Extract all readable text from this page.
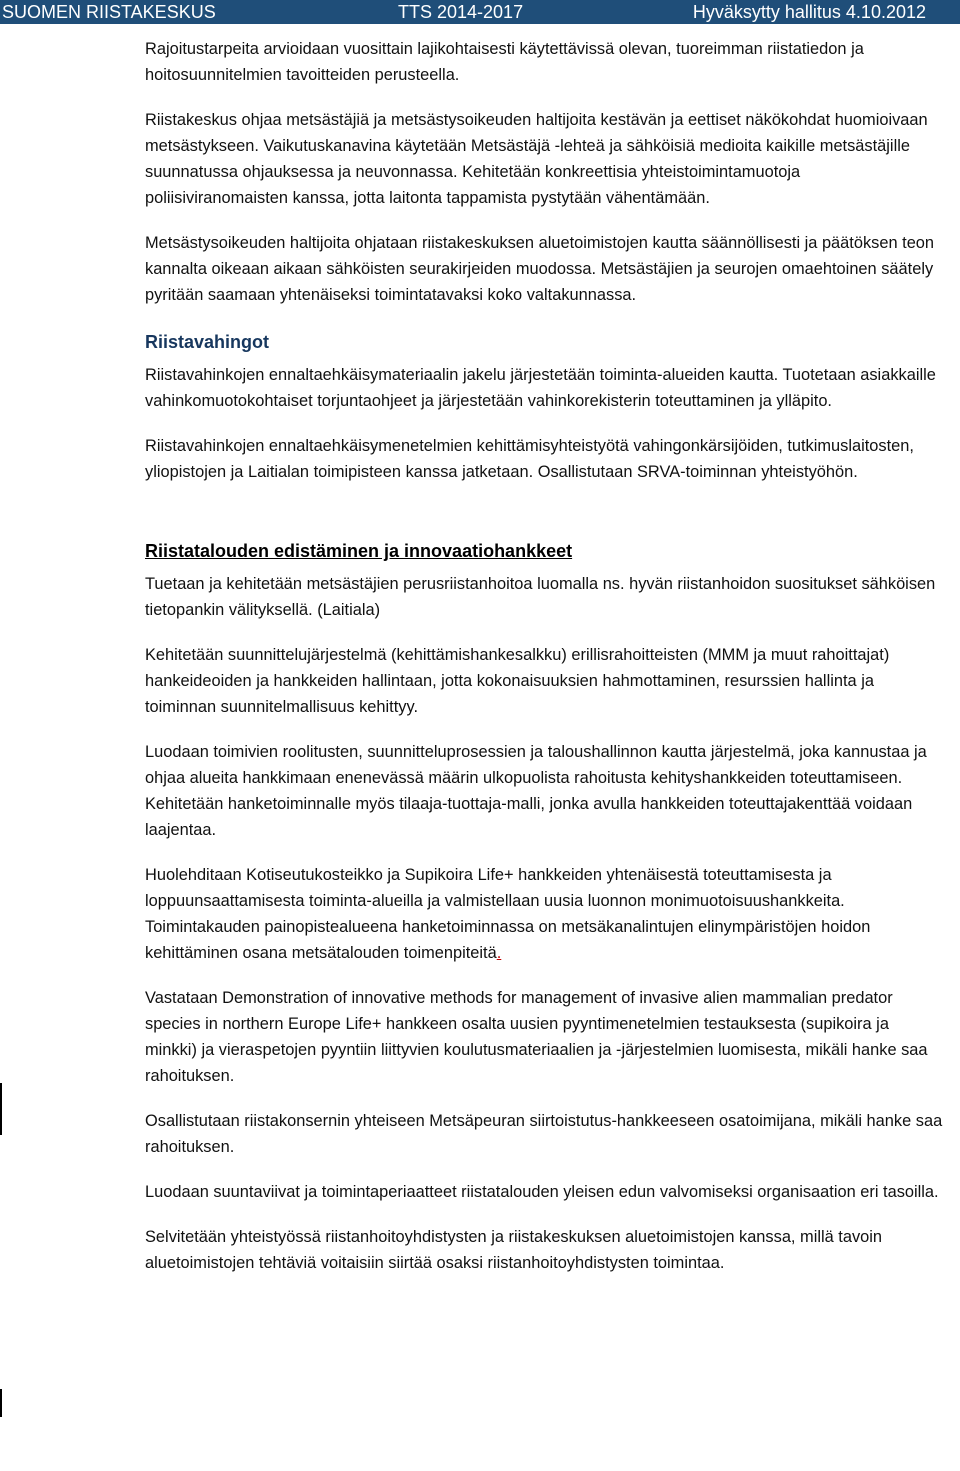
SUOMEN RIISTAKESKUS	TTS 2014-2017	Hyväksytty hallitus 4.10.2012

Rajoitustarpeita arvioidaan vuosittain lajikohtaisesti käytettävissä olevan, tuoreimman riistatiedon ja hoitosuunnitelmien tavoitteiden perusteella.

Riistakeskus ohjaa metsästäjiä ja metsästysoikeuden haltijoita kestävän ja eettiset näkökohdat huomioivaan metsästykseen. Vaikutuskanavina käytetään Metsästäjä -lehteä ja sähköisiä medioita kaikille metsästäjille suunnatussa ohjauksessa ja neuvonnassa. Kehitetään konkreettisia yhteistoimintamuotoja poliisiviranomaisten kanssa, jotta laitonta tappamista pystytään vähentämään.

Metsästysoikeuden haltijoita ohjataan riistakeskuksen aluetoimistojen kautta säännöllisesti ja päätöksen teon kannalta oikeaan aikaan sähköisten seurakirjeiden muodossa. Metsästäjien ja seurojen omaehtoinen säätely pyritään saamaan yhtenäiseksi toimintatavaksi koko valtakunnassa.

Riistavahingot

Riistavahinkojen ennaltaehkäisymateriaalin jakelu järjestetään toiminta-alueiden kautta. Tuotetaan asiakkaille vahinkomuotokohtaiset torjuntaohjeet ja järjestetään vahinkorekisterin toteuttaminen ja ylläpito.

Riistavahinkojen ennaltaehkäisymenetelmien kehittämisyhteistyötä vahingonkärsijöiden, tutkimuslaitosten, yliopistojen ja Laitialan toimipisteen kanssa jatketaan. Osallistutaan SRVA-toiminnan yhteistyöhön.

Riistatalouden edistäminen ja innovaatiohankkeet

Tuetaan ja kehitetään metsästäjien perusriistanhoitoa luomalla ns. hyvän riistanhoidon suositukset sähköisen tietopankin välityksellä. (Laitiala)

Kehitetään suunnittelujärjestelmä (kehittämishankesalkku) erillisrahoitteisten (MMM ja muut rahoittajat) hankeideoiden ja hankkeiden hallintaan, jotta kokonaisuuksien hahmottaminen, resurssien hallinta ja toiminnan suunnitelmallisuus kehittyy.

Luodaan toimivien roolitusten, suunnitteluprosessien ja taloushallinnon kautta järjestelmä, joka kannustaa ja ohjaa alueita hankkimaan enenevässä määrin ulkopuolista rahoitusta kehityshankkeiden toteuttamiseen. Kehitetään hanketoiminnalle myös tilaaja-tuottaja-malli, jonka avulla hankkeiden toteuttajakenttää voidaan laajentaa.

Huolehditaan Kotiseutukosteikko ja Supikoira Life+ hankkeiden yhtenäisestä toteuttamisesta ja loppuunsaattamisesta toiminta-alueilla ja valmistellaan uusia luonnon monimuotoisuushankkeita. Toimintakauden painopistealueena hanketoiminnassa on metsäkanalintujen elinympäristöjen hoidon kehittäminen osana metsätalouden toimenpiteitä.

Vastataan Demonstration of innovative methods for management of invasive alien mammalian predator species in northern Europe Life+ hankkeen osalta uusien pyyntimenetelmien testauksesta (supikoira ja minkki) ja vieraspetojen pyyntiin liittyvien koulutusmateriaalien ja -järjestelmien luomisesta, mikäli hanke saa rahoituksen.

Osallistutaan riistakonsernin yhteiseen Metsäpeuran siirtoistutus-hankkeeseen osatoimijana, mikäli hanke saa rahoituksen.

Luodaan suuntaviivat ja toimintaperiaatteet riistatalouden yleisen edun valvomiseksi organisaation eri tasoilla.

Selvitetään yhteistyössä riistanhoitoyhdistysten ja riistakeskuksen aluetoimistojen kanssa, millä tavoin aluetoimistojen tehtäviä voitaisiin siirtää osaksi riistanhoitoyhdistysten toimintaa.
